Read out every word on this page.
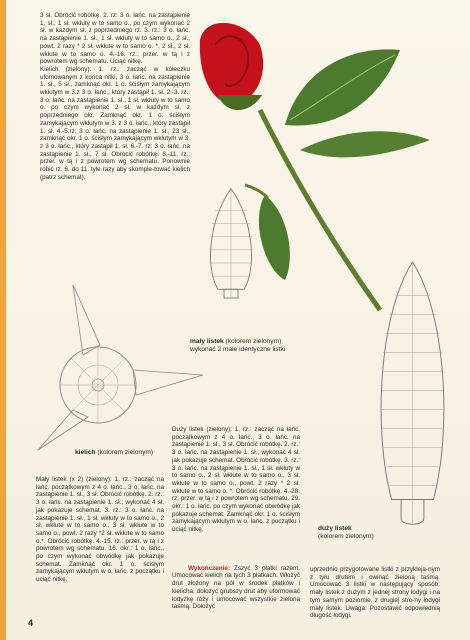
3 sł. Obrócić robótkę. 2. rz: 3 o. łańc. na zastąpienie 1. sł., 1 sł. wkłuty w to samo o., po czym wykonać 2 sł. w każdym sł. z poprzedniego rz. 3. rz.: 3 o. łańc. na zastąpienie 1. sł., 1 sł. wkłuty w to samo o., 2 sł., powt. 2 razy * 2 sł. wkłute w to samo o. *, 2 sł., 2 sł. wkłute w to samo o. 4.-16. rz.: przer. w tą i z powrotem wg schematu. Uciąć nitkę.
Kielich (zielony): 1. rz.: zacząć w kółeczku ufomowanym z końca nitki, 3 o. łańc. na zastąpienie 1. sł., 5 sł., zamknąć okr. 1 o. ściśłym zamykającym wkłutym w 3.z 3 o. łańc., który zastąpił 1. sł. 2.-3. rz.: 3 o. łańc. na zastąpienie 1. sł., 1 sł. wkłuty w to samo o. po czym wykonać 2 sł. w każdym sł. z poprzedniego okr. Zamknąć okr. 1 o. ściśłym zamykającym wkłutym w 3. z 3 o. łańc., który zastąpił 1. sł. 4.-5.rz: 3 o. łańc. na zastąpienie 1. sł., 23 sł., zamknąć okr. 1 o. ściśłym zamykającym wkłutym w 3. z 3 o. łańc., który zastąpił 1. sł. 6.-7. rz: 3 o. łańc. na zastąpienie 1. sł., 7 sł. Obrócić robótkę. 8.-11. rz.: przer. w tą i z powrotem wg schematu. Ponownie robić rz. 6. do 11. tyle razy aby skomple-tować kielich (patrz schemat).
mały listek (kolorem zielonym)
wykonać 2 małe identyczne listki
duży listek
(kolorem zielonym)
kielich (kolorem zielonym)
Mały listek (x 2) (zielony): 1. rz.: zacząć na łańc. początkowym z 4 o. łańc., 3 o. łańc. na zastąpienie 1. sł., 3 sł. Obrócić robótkę. 2. rz.: 3 o. łańc. na zastąpienie 1. sł., wykonać 4 sł. jak pokazuje schemat. 3. rz.: 3 o. łańc. na zastąpienie 1. sł., 1 sł. wkłuty w to samo o., 2 sł. wkłute w to samo o., 3 sł. wkłute w to samo o., powt. 2 razy *2 sł. wkłute w to samo o.*. Obrócić robótkę. 4.-15. rz.: przer. w tą i z powrotem wg schematu. 16. okr.: 1 o. łańc., po czym wykonać obwódkę jak pokazuje schemat. Zamknąć okr. 1 o. ściśłym zamykającym wkłutym w o. łańc. z początku i uciąć nitkę.
Duży listek (zielony): 1. rz.: zacząć na łańc. początkowym z 4 o. łańc., 3 o. łańc. na zastąpienie 1. sł., 3 sł. Obrócić robótkę. 2. rz.: 3 o. łańc. na zastąpienie 1. sł., wykonać 4 sł. jak pokazuje schemat. Obrócić robótkę. 3. rz.: 3 o. łańc. na zastąpienie 1. sł., 1 sł. wkłuty w to samo o., 2 sł. wkłute w to samo o., 3 sł. wkłute w to samo o., powt. 2 razy * 2 sł. wkłute w to samo o. *. Obrócić robótkę. 4.-28. rz: przer. w tą i z powrotem wg schematu. 29. okr.: 1 o. łańc. po czym wykonać obwódkę jak pokazuje schemat. Zamknąć okr. 1 o. ściśłym zamykającym wkłutym w o. łańc. z początku i uciąć nitkę.

Wykończenie: Zszyć 3 płatki razem. Umocować kielich na tych 3 płatkach. Włożyć drut złożony na pół w środek płatków i kielicha, dołożyć grubszy drut aby uformować łodyżkę róży i umocować wszystkie zielona taśmą. Dołożyć

uprzednio przygotowane listki z przykleja-nym z tyłu drutem i owinąć zieloną taśmą. Umocować 3 listki w następujący sposób: mały listek z dużym z jednej strony łodygi i na tym samym poziomie, z drugiej stro-ny łodygi mały listek. Uwaga: Pozostawić odpowiednią długość łodygi.
4
